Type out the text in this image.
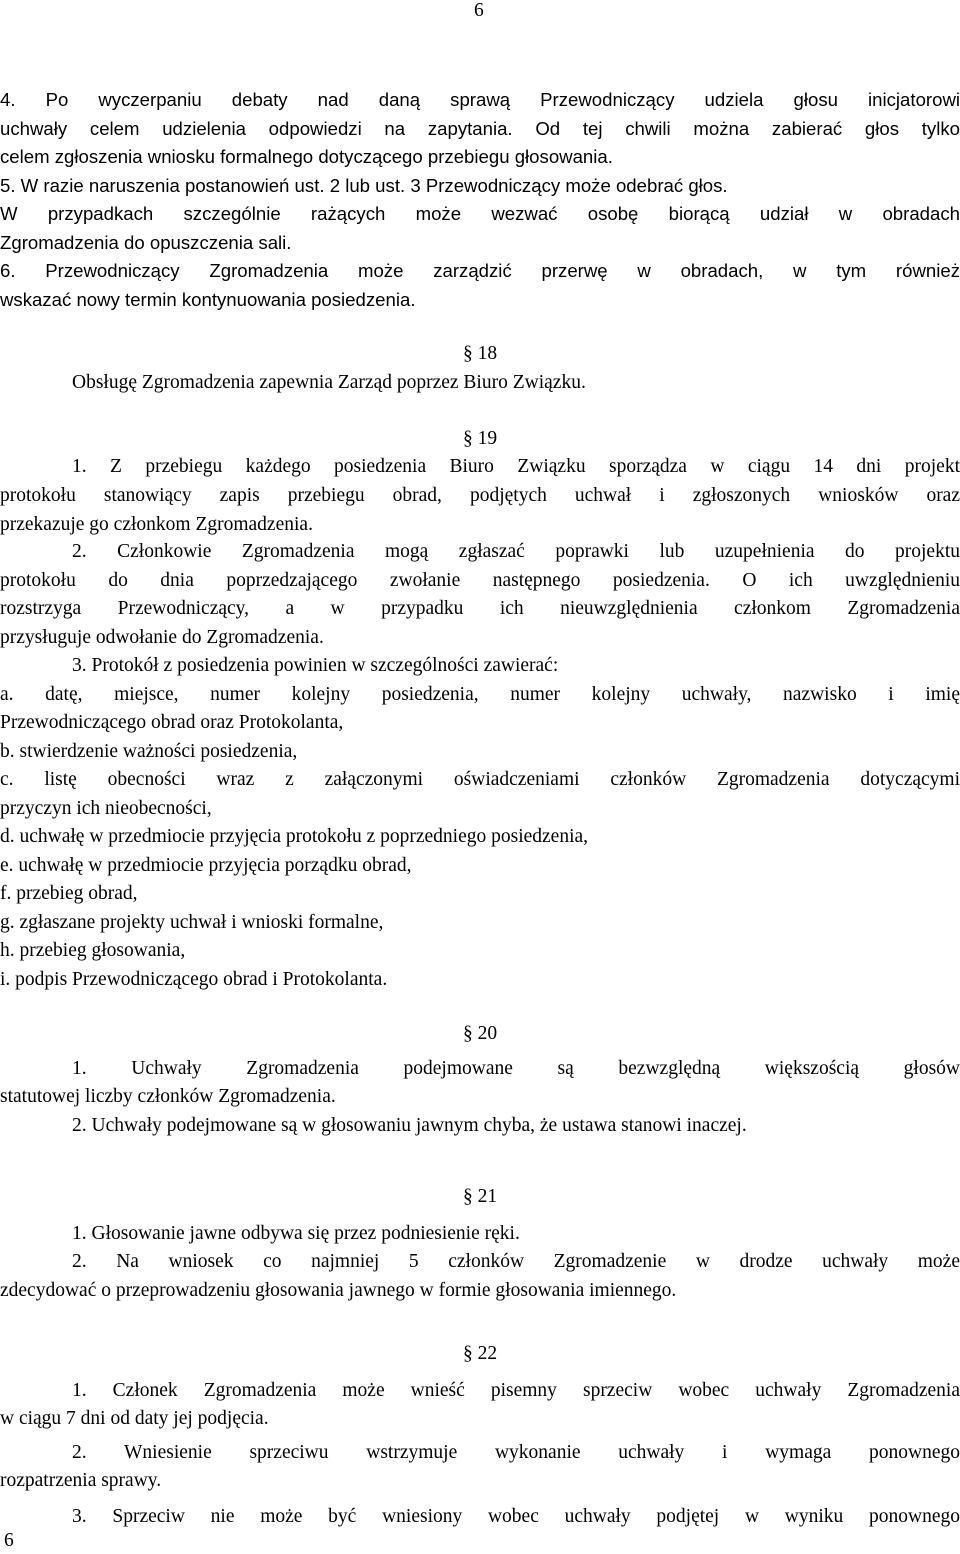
6
4. Po wyczerpaniu debaty nad daną sprawą Przewodniczący udziela głosu inicjatorowi
uchwały celem udzielenia odpowiedzi na zapytania. Od tej chwili można zabierać głos tylko
celem zgłoszenia wniosku formalnego dotyczącego przebiegu głosowania.
5. W razie naruszenia postanowień ust. 2 lub ust. 3 Przewodniczący może odebrać głos.
W przypadkach szczególnie rażących może wezwać osobę biorącą udział w obradach
Zgromadzenia do opuszczenia sali.
6. Przewodniczący Zgromadzenia może zarządzić przerwę w obradach, w tym również
wskazać nowy termin kontynuowania posiedzenia.
§ 18
Obsługę Zgromadzenia zapewnia Zarząd poprzez Biuro Związku.
§ 19
1. Z przebiegu każdego posiedzenia Biuro Związku sporządza w ciągu 14 dni projekt
protokołu stanowiący zapis przebiegu obrad, podjętych uchwał i zgłoszonych wniosków oraz
przekazuje go członkom Zgromadzenia.
2. Członkowie Zgromadzenia mogą zgłaszać poprawki lub uzupełnienia do projektu
protokołu do dnia poprzedzającego zwołanie następnego posiedzenia. O ich uwzględnieniu
rozstrzyga Przewodniczący, a w przypadku ich nieuwzględnienia członkom Zgromadzenia
przysługuje odwołanie do Zgromadzenia.
3. Protokół z posiedzenia powinien w szczególności zawierać:
a. datę, miejsce, numer kolejny posiedzenia, numer kolejny uchwały, nazwisko i imię
Przewodniczącego obrad oraz Protokolanta,
b. stwierdzenie ważności posiedzenia,
c. listę obecności wraz z załączonymi oświadczeniami członków Zgromadzenia dotyczącymi
przyczyn ich nieobecności,
d. uchwałę w przedmiocie przyjęcia protokołu z poprzedniego posiedzenia,
e. uchwałę w przedmiocie przyjęcia porządku obrad,
f. przebieg obrad,
g. zgłaszane projekty uchwał i wnioski formalne,
h. przebieg głosowania,
i. podpis Przewodniczącego obrad i Protokolanta.
§ 20
1. Uchwały Zgromadzenia podejmowane są bezwzględną większością głosów
statutowej liczby członków Zgromadzenia.
2. Uchwały podejmowane są w głosowaniu jawnym chyba, że ustawa stanowi inaczej.
§ 21
1. Głosowanie jawne odbywa się przez podniesienie ręki.
2. Na wniosek co najmniej 5 członków Zgromadzenie w drodze uchwały może
zdecydować o przeprowadzeniu głosowania jawnego w formie głosowania imiennego.
§ 22
1. Członek Zgromadzenia może wnieść pisemny sprzeciw wobec uchwały Zgromadzenia
w ciągu 7 dni od daty jej podjęcia.
2. Wniesienie sprzeciwu wstrzymuje wykonanie uchwały i wymaga ponownego
rozpatrzenia sprawy.
3. Sprzeciw nie może być wniesiony wobec uchwały podjętej w wyniku ponownego
6
